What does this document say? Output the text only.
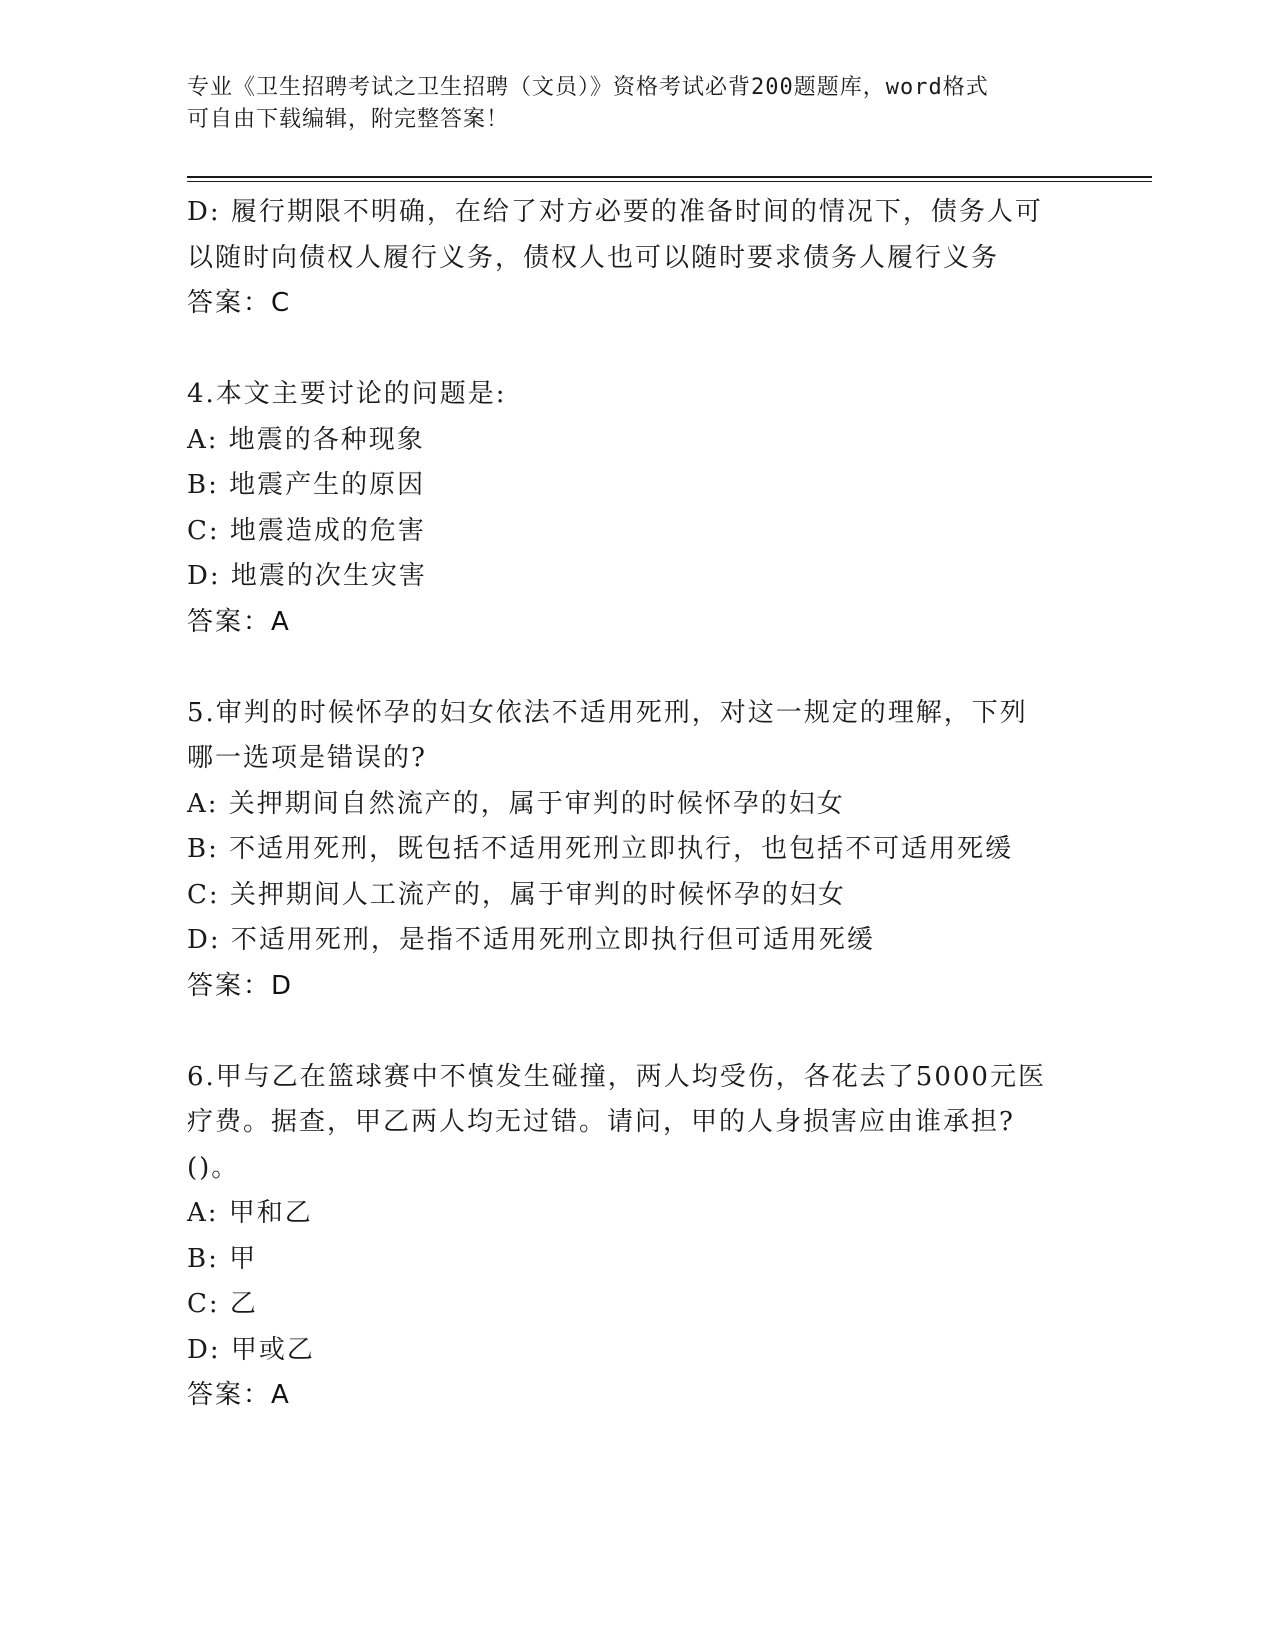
专业《卫生招聘考试之卫生招聘（文员）》资格考试必背200题题库，word格式
可自由下载编辑，附完整答案！
D: 履行期限不明确，在给了对方必要的准备时间的情况下，债务人可
以随时向债权人履行义务，债权人也可以随时要求债务人履行义务
答案：C
4.本文主要讨论的问题是:
A: 地震的各种现象
B: 地震产生的原因
C: 地震造成的危害
D: 地震的次生灾害
答案：A
5.审判的时候怀孕的妇女依法不适用死刑，对这一规定的理解，下列
哪一选项是错误的?
A: 关押期间自然流产的，属于审判的时候怀孕的妇女
B: 不适用死刑，既包括不适用死刑立即执行，也包括不可适用死缓
C: 关押期间人工流产的，属于审判的时候怀孕的妇女
D: 不适用死刑，是指不适用死刑立即执行但可适用死缓
答案：D
6.甲与乙在篮球赛中不慎发生碰撞，两人均受伤，各花去了5000元医
疗费。据查，甲乙两人均无过错。请问，甲的人身损害应由谁承担?
()。
A: 甲和乙
B: 甲
C: 乙
D: 甲或乙
答案：A
